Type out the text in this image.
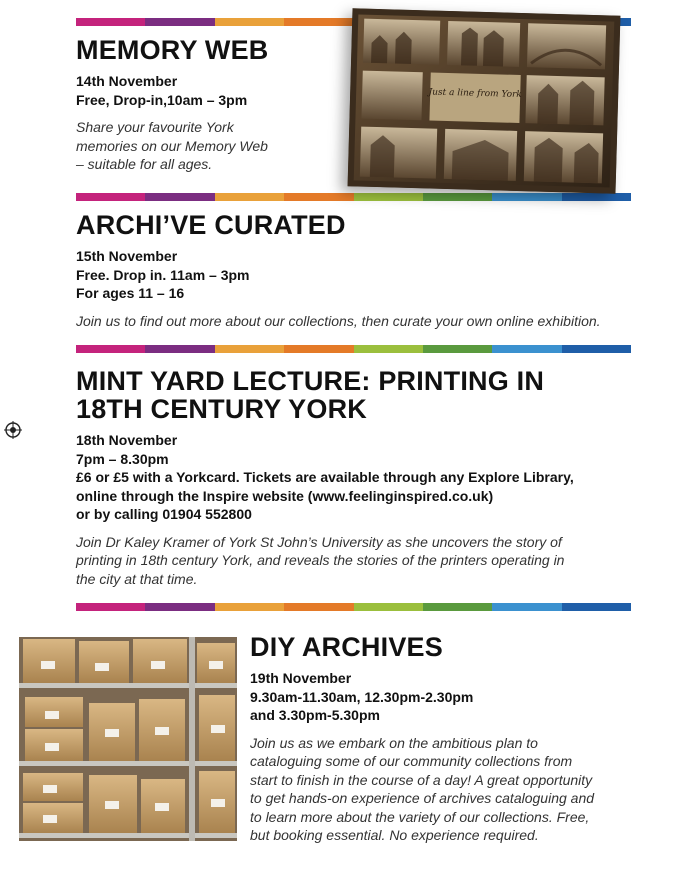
MEMORY WEB
14th November
Free, Drop-in,10am – 3pm
Share your favourite York
memories on our Memory Web
– suitable for all ages.
Just a line from York
ARCHI’VE CURATED
15th November
Free. Drop in. 11am – 3pm
For ages 11 – 16
Join us to find out more about our collections, then curate your own online exhibition.
MINT YARD LECTURE: PRINTING IN
18TH CENTURY YORK
18th November
7pm – 8.30pm
£6 or £5 with a Yorkcard. Tickets are available through any Explore Library,
online through the Inspire website (www.feelinginspired.co.uk)
or by calling 01904 552800
Join Dr Kaley Kramer of York St John’s University as she uncovers the story of
printing in 18th century York, and reveals the stories of the printers operating in
the city at that time.
DIY ARCHIVES
19th November
9.30am-11.30am, 12.30pm-2.30pm
and 3.30pm-5.30pm
Join us as we embark on the ambitious plan to
cataloguing some of our community collections from
start to finish in the course of a day! A great opportunity
to get hands-on experience of archives cataloguing and
to learn more about the variety of our collections. Free,
but booking essential. No experience required.
